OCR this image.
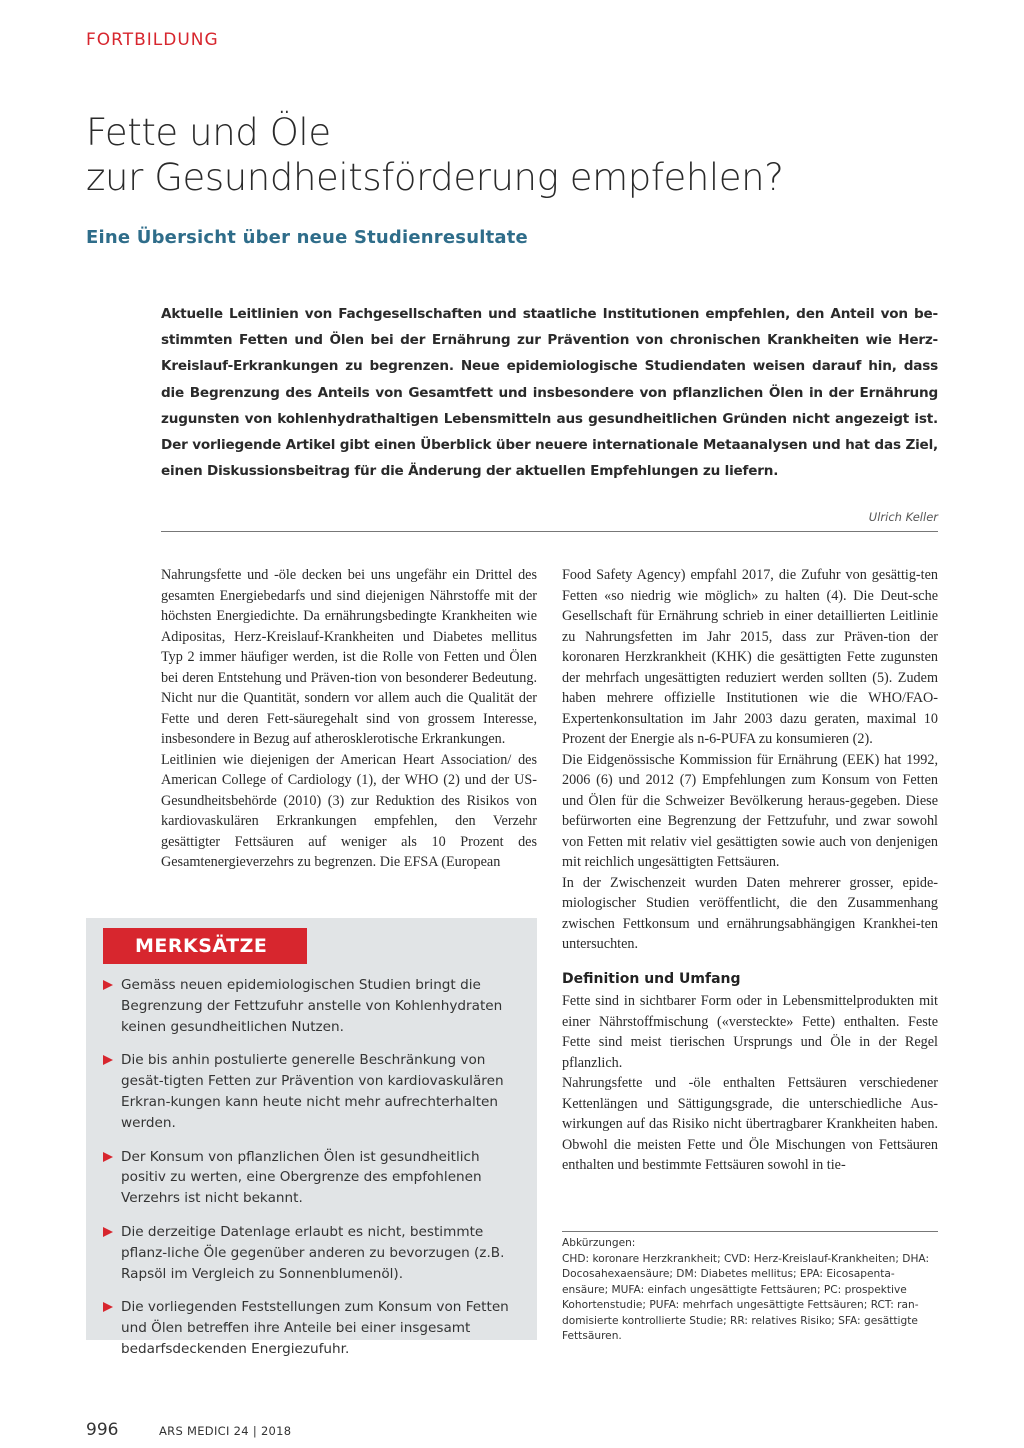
FORTBILDUNG
Fette und Öle
zur Gesundheitsförderung empfehlen?
Eine Übersicht über neue Studienresultate

Aktuelle Leitlinien von Fachgesellschaften und staatliche Institutionen empfehlen, den Anteil von be-stimmten Fetten und Ölen bei der Ernährung zur Prävention von chronischen Krankheiten wie Herz-Kreislauf-Erkrankungen zu begrenzen. Neue epidemiologische Studiendaten weisen darauf hin, dass die Begrenzung des Anteils von Gesamtfett und insbesondere von pflanzlichen Ölen in der Ernährung zugunsten von kohlenhydrathaltigen Lebensmitteln aus gesundheitlichen Gründen nicht angezeigt ist. Der vorliegende Artikel gibt einen Überblick über neuere internationale Metaanalysen und hat das Ziel, einen Diskussionsbeitrag für die Änderung der aktuellen Empfehlungen zu liefern.

Ulrich Keller

Nahrungsfette und -öle decken bei uns ungefähr ein Drittel des gesamten Energiebedarfs und sind diejenigen Nährstoffe mit der höchsten Energiedichte. Da ernährungsbedingte Krankheiten wie Adipositas, Herz-Kreislauf-Krankheiten und Diabetes mellitus Typ 2 immer häufiger werden, ist die Rolle von Fetten und Ölen bei deren Entstehung und Präven-tion von besonderer Bedeutung. Nicht nur die Quantität, sondern vor allem auch die Qualität der Fette und deren Fett-säuregehalt sind von grossem Interesse, insbesondere in Bezug auf atherosklerotische Erkrankungen.

Leitlinien wie diejenigen der American Heart Association/ des American College of Cardiology (1), der WHO (2) und der US-Gesundheitsbehörde (2010) (3) zur Reduktion des Risikos von kardiovaskulären Erkrankungen empfehlen, den Verzehr gesättigter Fettsäuren auf weniger als 10 Prozent des Gesamtenergieverzehrs zu begrenzen. Die EFSA (European

Food Safety Agency) empfahl 2017, die Zufuhr von gesättig-ten Fetten «so niedrig wie möglich» zu halten (4). Die Deut-sche Gesellschaft für Ernährung schrieb in einer detaillierten Leitlinie zu Nahrungsfetten im Jahr 2015, dass zur Präven-tion der koronaren Herzkrankheit (KHK) die gesättigten Fette zugunsten der mehrfach ungesättigten reduziert werden sollten (5). Zudem haben mehrere offizielle Institutionen wie die WHO/FAO-Expertenkonsultation im Jahr 2003 dazu geraten, maximal 10 Prozent der Energie als n-6-PUFA zu konsumieren (2).

Die Eidgenössische Kommission für Ernährung (EEK) hat 1992, 2006 (6) und 2012 (7) Empfehlungen zum Konsum von Fetten und Ölen für die Schweizer Bevölkerung heraus-gegeben. Diese befürworten eine Begrenzung der Fettzufuhr, und zwar sowohl von Fetten mit relativ viel gesättigten sowie auch von denjenigen mit reichlich ungesättigten Fettsäuren.

In der Zwischenzeit wurden Daten mehrerer grosser, epide-miologischer Studien veröffentlicht, die den Zusammenhang zwischen Fettkonsum und ernährungsabhängigen Krankhei-ten untersuchten.

Definition und Umfang

Fette sind in sichtbarer Form oder in Lebensmittelprodukten mit einer Nährstoffmischung («versteckte» Fette) enthalten. Feste Fette sind meist tierischen Ursprungs und Öle in der Regel pflanzlich.

Nahrungsfette und -öle enthalten Fettsäuren verschiedener Kettenlängen und Sättigungsgrade, die unterschiedliche Aus-wirkungen auf das Risiko nicht übertragbarer Krankheiten haben. Obwohl die meisten Fette und Öle Mischungen von Fettsäuren enthalten und bestimmte Fettsäuren sowohl in tie-

MERKSÄTZE
Gemäss neuen epidemiologischen Studien bringt die Begrenzung der Fettzufuhr anstelle von Kohlenhydraten keinen gesundheitlichen Nutzen.
Die bis anhin postulierte generelle Beschränkung von gesät-tigten Fetten zur Prävention von kardiovaskulären Erkran-kungen kann heute nicht mehr aufrechterhalten werden.
Der Konsum von pflanzlichen Ölen ist gesundheitlich positiv zu werten, eine Obergrenze des empfohlenen Verzehrs ist nicht bekannt.
Die derzeitige Datenlage erlaubt es nicht, bestimmte pflanz-liche Öle gegenüber anderen zu bevorzugen (z.B. Rapsöl im Vergleich zu Sonnenblumenöl).
Die vorliegenden Feststellungen zum Konsum von Fetten und Ölen betreffen ihre Anteile bei einer insgesamt bedarfsdeckenden Energiezufuhr.
Abkürzungen:
CHD: koronare Herzkrankheit; CVD: Herz-Kreislauf-Krankheiten; DHA: Docosahexaensäure; DM: Diabetes mellitus; EPA: Eicosapenta-ensäure; MUFA: einfach ungesättigte Fettsäuren; PC: prospektive Kohortenstudie; PUFA: mehrfach ungesättigte Fettsäuren; RCT: ran-domisierte kontrollierte Studie; RR: relatives Risiko; SFA: gesättigte Fettsäuren.
996	ARS MEDICI 24 | 2018
